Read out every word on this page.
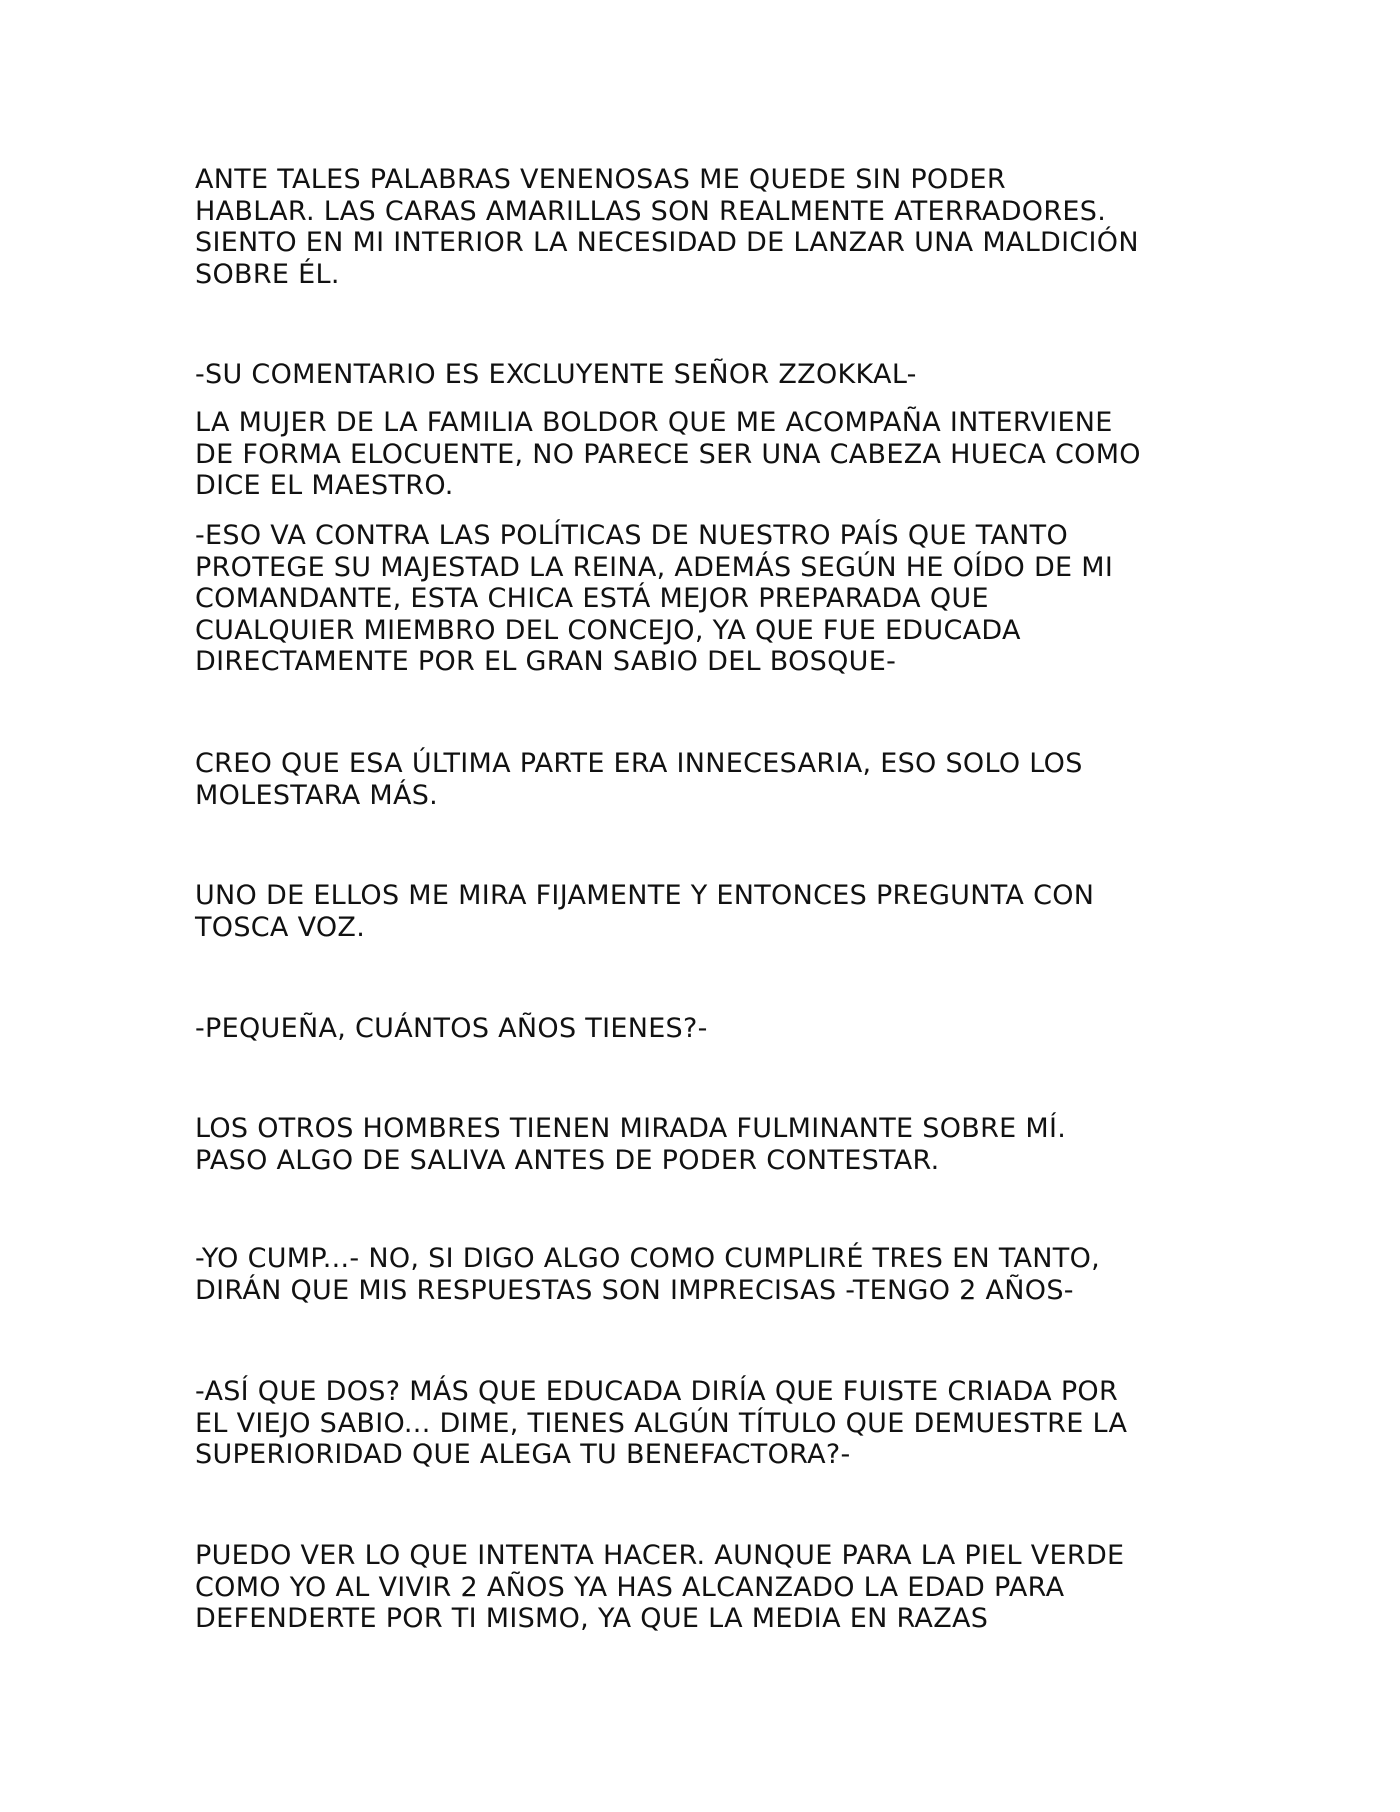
ANTE TALES PALABRAS VENENOSAS ME QUEDE SIN PODER
HABLAR. LAS CARAS AMARILLAS SON REALMENTE ATERRADORES.
SIENTO EN MI INTERIOR LA NECESIDAD DE LANZAR UNA MALDICIÓN
SOBRE ÉL.

-SU COMENTARIO ES EXCLUYENTE SEÑOR ZZOKKAL-

LA MUJER DE LA FAMILIA BOLDOR QUE ME ACOMPAÑA INTERVIENE
DE FORMA ELOCUENTE, NO PARECE SER UNA CABEZA HUECA COMO
DICE EL MAESTRO.

-ESO VA CONTRA LAS POLÍTICAS DE NUESTRO PAÍS QUE TANTO
PROTEGE SU MAJESTAD LA REINA, ADEMÁS SEGÚN HE OÍDO DE MI
COMANDANTE, ESTA CHICA ESTÁ MEJOR PREPARADA QUE
CUALQUIER MIEMBRO DEL CONCEJO, YA QUE FUE EDUCADA
DIRECTAMENTE POR EL GRAN SABIO DEL BOSQUE-

CREO QUE ESA ÚLTIMA PARTE ERA INNECESARIA, ESO SOLO LOS
MOLESTARA MÁS.

UNO DE ELLOS ME MIRA FIJAMENTE Y ENTONCES PREGUNTA CON
TOSCA VOZ.

-PEQUEÑA, CUÁNTOS AÑOS TIENES?-

LOS OTROS HOMBRES TIENEN MIRADA FULMINANTE SOBRE MÍ.
PASO ALGO DE SALIVA ANTES DE PODER CONTESTAR.

-YO CUMP...- NO, SI DIGO ALGO COMO CUMPLIRÉ TRES EN TANTO,
DIRÁN QUE MIS RESPUESTAS SON IMPRECISAS -TENGO 2 AÑOS-

-ASÍ QUE DOS? MÁS QUE EDUCADA DIRÍA QUE FUISTE CRIADA POR
EL VIEJO SABIO... DIME, TIENES ALGÚN TÍTULO QUE DEMUESTRE LA
SUPERIORIDAD QUE ALEGA TU BENEFACTORA?-

PUEDO VER LO QUE INTENTA HACER. AUNQUE PARA LA PIEL VERDE
COMO YO AL VIVIR 2 AÑOS YA HAS ALCANZADO LA EDAD PARA
DEFENDERTE POR TI MISMO, YA QUE LA MEDIA EN RAZAS
